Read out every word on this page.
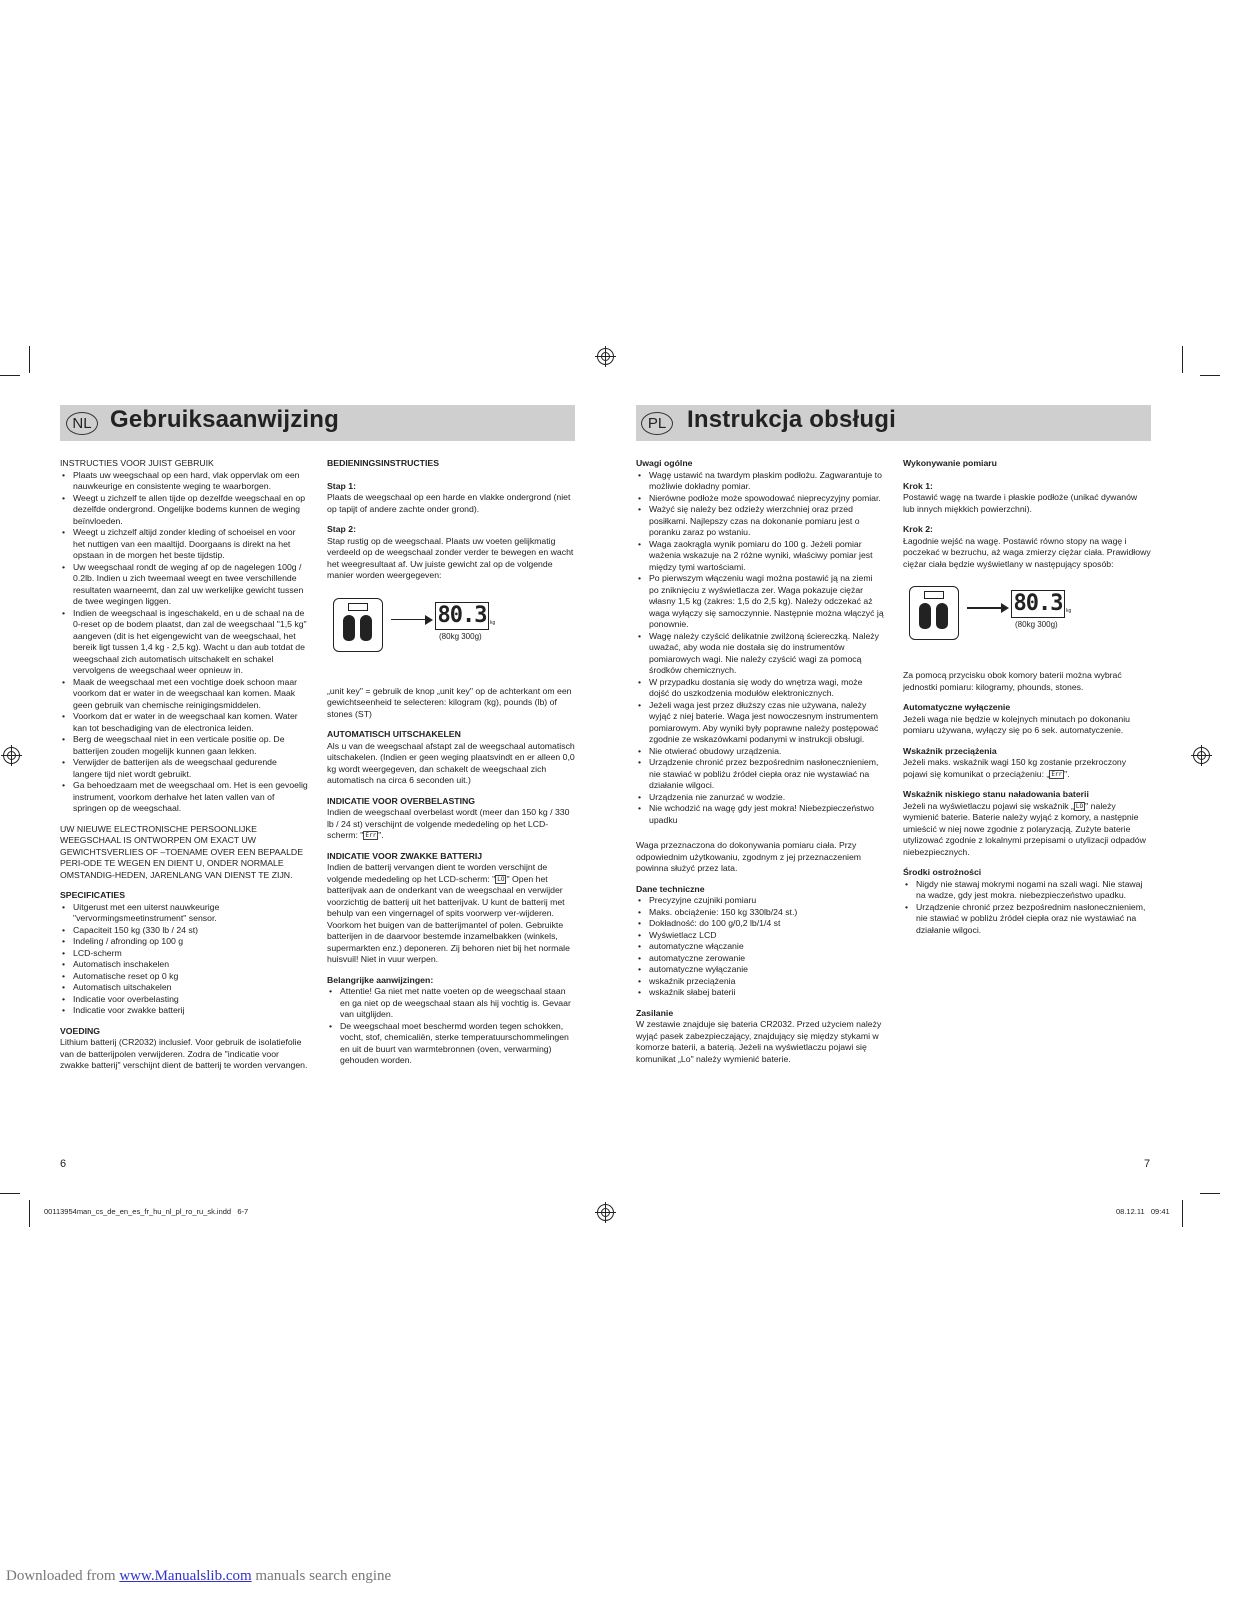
NL Gebruiksaanwijzing	PL Instrukcja obsługi
INSTRUCTIES VOOR JUIST GEBRUIK
• Plaats uw weegschaal op een hard, vlak oppervlak om een nauwkeurige en consistente weging te waarborgen.
• Weegt u zichzelf te allen tijde op dezelfde weegschaal en op dezelfde ondergrond. Ongelijke bodems kunnen de weging beïnvloeden.
• Weegt u zichzelf altijd zonder kleding of schoeisel en voor het nuttigen van een maaltijd. Doorgaans is direkt na het opstaan in de morgen het beste tijdstip.
• Uw weegschaal rondt de weging af op de nagelegen 100g / 0.2lb. Indien u zich tweemaal weegt en twee verschillende resultaten waarneemt, dan zal uw werkelijke gewicht tussen de twee wegingen liggen.
• Indien de weegschaal is ingeschakeld, en u de schaal na de 0-reset op de bodem plaatst, dan zal de weegschaal "1,5 kg" aangeven (dit is het eigengewicht van de weegschaal, het bereik ligt tussen 1,4 kg - 2,5 kg). Wacht u dan aub totdat de weegschaal zich automatisch uitschakelt en schakel vervolgens de weegschaal weer opnieuw in.
• Maak de weegschaal met een vochtige doek schoon maar voorkom dat er water in de weegschaal kan komen. Maak geen gebruik van chemische reinigingsmiddelen.
• Voorkom dat er water in de weegschaal kan komen. Water kan tot beschadiging van de electronica leiden.
• Berg de weegschaal niet in een verticale positie op. De batterijen zouden mogelijk kunnen gaan lekken.
• Verwijder de batterijen als de weegschaal gedurende langere tijd niet wordt gebruikt.
• Ga behoedzaam met de weegschaal om. Het is een gevoelig instrument, voorkom derhalve het laten vallen van of springen op de weegschaal.

UW NIEUWE ELECTRONISCHE PERSOONLIJKE WEEGSCHAAL IS ONTWORPEN OM EXACT UW GEWICHTSVERLIES OF –TOENAME OVER EEN BEPAALDE PERI-ODE TE WEGEN EN DIENT U, ONDER NORMALE OMSTANDIG-HEDEN, JARENLANG VAN DIENST TE ZIJN.

SPECIFICATIES
• Uitgerust met een uiterst nauwkeurige "vervormingsmeetinstrument" sensor.
• Capaciteit 150 kg (330 lb / 24 st)
• Indeling / afronding op 100 g
• LCD-scherm
• Automatisch inschakelen
• Automatische reset op 0 kg
• Automatisch uitschakelen
• Indicatie voor overbelasting
• Indicatie voor zwakke batterij
VOEDING

Lithium batterij (CR2032) inclusief. Voor gebruik de isolatiefolie van de batterijpolen verwijderen. Zodra de "indicatie voor zwakke batterij" verschijnt dient de batterij te worden vervangen.

BEDIENINGSINSTRUCTIES
Stap 1:

Plaats de weegschaal op een harde en vlakke ondergrond (niet op tapijt of andere zachte onder grond).

Stap 2:

Stap rustig op de weegschaal. Plaats uw voeten gelijkmatig verdeeld op de weegschaal zonder verder te bewegen en wacht het weegresultaat af. Uw juiste gewicht zal op de volgende manier worden weergegeven:

80.3 kg
(80kg 300g)

„unit key" = gebruik de knop „unit key" op de achterkant om een gewichtseenheid te selecteren: kilogram (kg), pounds (lb) of stones (ST)

AUTOMATISCH UITSCHAKELEN

Als u van de weegschaal afstapt zal de weegschaal automatisch uitschakelen. (Indien er geen weging plaatsvindt en er alleen 0,0 kg wordt weergegeven, dan schakelt de weegschaal zich automatisch na circa 6 seconden uit.)

INDICATIE VOOR OVERBELASTING

Indien de weegschaal overbelast wordt (meer dan 150 kg / 330 lb / 24 st) verschijnt de volgende mededeling op het LCD-scherm: " Err ".

INDICATIE VOOR ZWAKKE BATTERIJ

Indien de batterij vervangen dient te worden verschijnt de volgende mededeling op het LCD-scherm: " LO " Open het batterijvak aan de onderkant van de weegschaal en verwijder voorzichtig de batterij uit het batterijvak. U kunt de batterij met behulp van een vingernagel of spits voorwerp ver-wijderen. Voorkom het buigen van de batterijmantel of polen. Gebruikte batterijen in de daarvoor bestemde inzamelbakken (winkels, supermarkten enz.) deponeren. Zij behoren niet bij het normale huisvuil! Niet in vuur werpen.

Belangrijke aanwijzingen:
• Attentie! Ga niet met natte voeten op de weegschaal staan en ga niet op de weegschaal staan als hij vochtig is. Gevaar van uitglijden.
• De weegschaal moet beschermd worden tegen schokken, vocht, stof, chemicaliën, sterke temperatuurschommelingen en uit de buurt van warmtebronnen (oven, verwarming) gehouden worden.
Uwagi ogólne
• Wagę ustawić na twardym płaskim podłożu. Zagwarantuje to możliwie dokładny pomiar.
• Nierówne podłoże może spowodować nieprecyzyjny pomiar.
• Ważyć się należy bez odzieży wierzchniej oraz przed posiłkami. Najlepszy czas na dokonanie pomiaru jest o poranku zaraz po wstaniu.
• Waga zaokrągla wynik pomiaru do 100 g. Jeżeli pomiar ważenia wskazuje na 2 różne wyniki, właściwy pomiar jest między tymi wartościami.
• Po pierwszym włączeniu wagi można postawić ją na ziemi po zniknięciu z wyświetlacza zer. Waga pokazuje ciężar własny 1,5 kg (zakres: 1,5 do 2,5 kg). Należy odczekać aż waga wyłączy się samoczynnie. Następnie można włączyć ją ponownie.
• Wagę należy czyścić delikatnie zwilżoną ściereczką. Należy uważać, aby woda nie dostała się do instrumentów pomiarowych wagi. Nie należy czyścić wagi za pomocą środków chemicznych.
• W przypadku dostania się wody do wnętrza wagi, może dojść do uszkodzenia modułów elektronicznych.
• Jeżeli waga jest przez dłuższy czas nie używana, należy wyjąć z niej baterie. Waga jest nowoczesnym instrumentem pomiarowym. Aby wyniki były poprawne należy postępować zgodnie ze wskazówkami podanymi w instrukcji obsługi.
• Nie otwierać obudowy urządzenia.
• Urządzenie chronić przez bezpośrednim nasłonecznieniem, nie stawiać w pobliżu źródeł ciepła oraz nie wystawiać na działanie wilgoci.
• Urządzenia nie zanurzać w wodzie.
• Nie wchodzić na wagę gdy jest mokra! Niebezpieczeństwo upadku

Waga przeznaczona do dokonywania pomiaru ciała. Przy odpowiednim użytkowaniu, zgodnym z jej przeznaczeniem powinna służyć przez lata.

Dane techniczne
• Precyzyjne czujniki pomiaru
• Maks. obciążenie: 150 kg 330lb/24 st.)
• Dokładność: do 100 g/0,2 lb/1/4 st
• Wyświetlacz LCD
• automatyczne włączanie
• automatyczne zerowanie
• automatyczne wyłączanie
• wskaźnik przeciążenia
• wskaźnik słabej baterii
Zasilanie

W zestawie znajduje się bateria CR2032. Przed użyciem należy wyjąć pasek zabezpieczający, znajdujący się między stykami w komorze baterii, a baterią. Jeżeli na wyświetlaczu pojawi się komunikat „Lo" należy wymienić baterie.

Wykonywanie pomiaru
Krok 1:

Postawić wagę na twarde i płaskie podłoże (unikać dywanów lub innych miękkich powierzchni).

Krok 2:

Łagodnie wejść na wagę. Postawić równo stopy na wagę i poczekać w bezruchu, aż waga zmierzy ciężar ciała. Prawidłowy ciężar ciała będzie wyświetlany w następujący sposób:

80.3 kg
(80kg 300g)

Za pomocą przycisku obok komory baterii można wybrać jednostki pomiaru: kilogramy, phounds, stones.

Automatyczne wyłączenie

Jeżeli waga nie będzie w kolejnych minutach po dokonaniu pomiaru używana, wyłączy się po 6 sek. automatyczenie.

Wskaźnik przeciążenia

Jeżeli maks. wskaźnik wagi 150 kg zostanie przekroczony pojawi się komunikat o przeciążeniu: „ Err ".

Wskaźnik niskiego stanu naładowania baterii

Jeżeli na wyświetlaczu pojawi się wskaźnik „ LO " należy wymienić baterie. Baterie należy wyjąć z komory, a następnie umieścić w niej nowe zgodnie z polaryzacją. Zużyte baterie utylizować zgodnie z lokalnymi przepisami o utylizacji odpadów niebezpiecznych.

Środki ostrożności
• Nigdy nie stawaj mokrymi nogami na szali wagi. Nie stawaj na wadze, gdy jest mokra. niebezpieczeństwo upadku.
• Urządzenie chronić przez bezpośrednim nasłonecznieniem, nie stawiać w pobliżu źródeł ciepła oraz nie wystawiać na działanie wilgoci.
6	7
00113954man_cs_de_en_es_fr_hu_nl_pl_ro_ru_sk.indd   6-7	08.12.11   09:41
Downloaded from www.Manualslib.com manuals search engine
